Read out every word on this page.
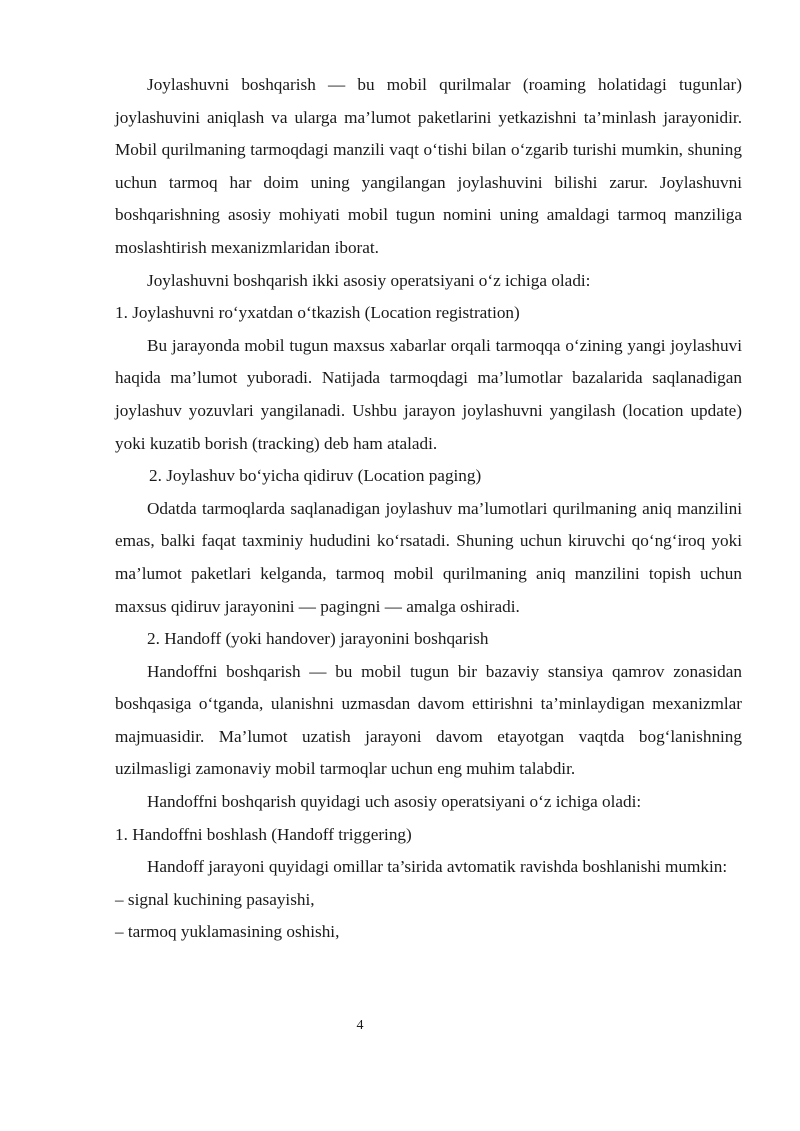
Joylashuvni boshqarish — bu mobil qurilmalar (roaming holatidagi tugunlar) joylashuvini aniqlash va ularga ma’lumot paketlarini yetkazishni ta’minlash jarayonidir. Mobil qurilmaning tarmoqdagi manzili vaqt o‘tishi bilan o‘zgarib turishi mumkin, shuning uchun tarmoq har doim uning yangilangan joylashuvini bilishi zarur. Joylashuvni boshqarishning asosiy mohiyati mobil tugun nomini uning amaldagi tarmoq manziliga moslashtirish mexanizmlaridan iborat.

Joylashuvni boshqarish ikki asosiy operatsiyani o‘z ichiga oladi:

1. Joylashuvni ro‘yxatdan o‘tkazish (Location registration)

Bu jarayonda mobil tugun maxsus xabarlar orqali tarmoqqa o‘zining yangi joylashuvi haqida ma’lumot yuboradi. Natijada tarmoqdagi ma’lumotlar bazalarida saqlanadigan joylashuv yozuvlari yangilanadi. Ushbu jarayon joylashuvni yangilash (location update) yoki kuzatib borish (tracking) deb ham ataladi.

2. Joylashuv bo‘yicha qidiruv (Location paging)

Odatda tarmoqlarda saqlanadigan joylashuv ma’lumotlari qurilmaning aniq manzilini emas, balki faqat taxminiy hududini ko‘rsatadi. Shuning uchun kiruvchi qo‘ng‘iroq yoki ma’lumot paketlari kelganda, tarmoq mobil qurilmaning aniq manzilini topish uchun maxsus qidiruv jarayonini — pagingni — amalga oshiradi.

2. Handoff (yoki handover) jarayonini boshqarish

Handoffni boshqarish — bu mobil tugun bir bazaviy stansiya qamrov zonasidan boshqasiga o‘tganda, ulanishni uzmasdan davom ettirishni ta’minlaydigan mexanizmlar majmuasidir. Ma’lumot uzatish jarayoni davom etayotgan vaqtda bog‘lanishning uzilmasligi zamonaviy mobil tarmoqlar uchun eng muhim talabdir.

Handoffni boshqarish quyidagi uch asosiy operatsiyani o‘z ichiga oladi:

1. Handoffni boshlash (Handoff triggering)

Handoff jarayoni quyidagi omillar ta’sirida avtomatik ravishda boshlanishi mumkin:

– signal kuchining pasayishi,

– tarmoq yuklamasining oshishi,

4
